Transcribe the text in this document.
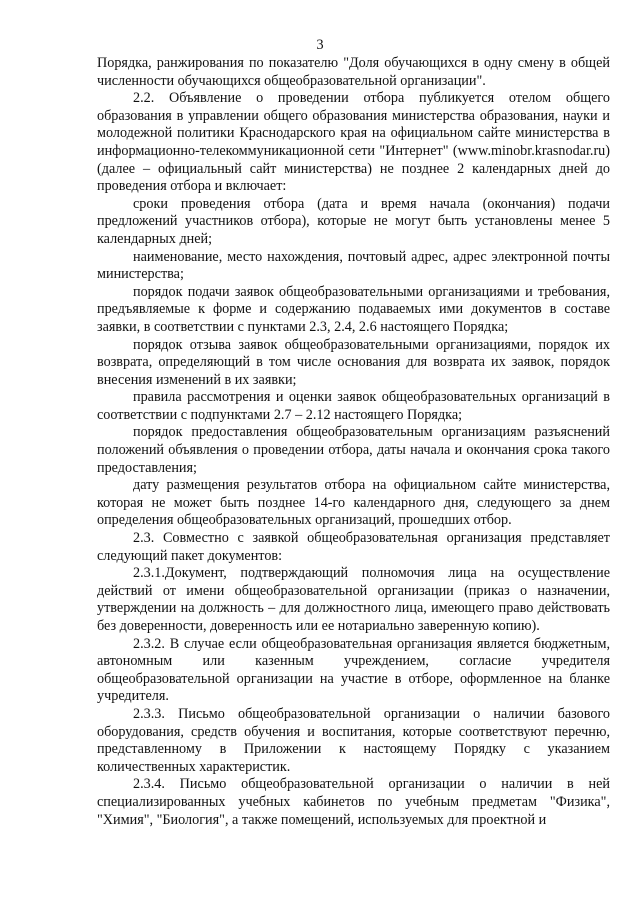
3

Порядка, ранжирования по показателю "Доля обучающихся в одну смену в общей численности обучающихся общеобразовательной организации".

2.2. Объявление о проведении отбора публикуется отелом общего образования в управлении общего образования министерства образования, науки и молодежной политики Краснодарского края на официальном сайте министерства в информационно-телекоммуникационной сети "Интернет" (www.minobr.krasnodar.ru) (далее – официальный сайт министерства) не позднее 2 календарных дней до проведения отбора и включает:

сроки проведения отбора (дата и время начала (окончания) подачи предложений участников отбора), которые не могут быть установлены менее 5 календарных дней;

наименование, место нахождения, почтовый адрес, адрес электронной почты министерства;

порядок подачи заявок общеобразовательными организациями и требования, предъявляемые к форме и содержанию подаваемых ими документов в составе заявки, в соответствии с пунктами 2.3, 2.4, 2.6 настоящего Порядка;

порядок отзыва заявок общеобразовательными организациями, порядок их возврата, определяющий в том числе основания для возврата их заявок, порядок внесения изменений в их заявки;

правила рассмотрения и оценки заявок общеобразовательных организаций в соответствии с подпунктами 2.7 – 2.12 настоящего Порядка;

порядок предоставления общеобразовательным организациям разъяснений положений объявления о проведении отбора, даты начала и окончания срока такого предоставления;

дату размещения результатов отбора на официальном сайте министерства, которая не может быть позднее 14-го календарного дня, следующего за днем определения общеобразовательных организаций, прошедших отбор.

2.3. Совместно с заявкой общеобразовательная организация представляет следующий пакет документов:

2.3.1.Документ, подтверждающий полномочия лица на осуществление действий от имени общеобразовательной организации (приказ о назначении, утверждении на должность – для должностного лица, имеющего право действовать без доверенности, доверенность или ее нотариально заверенную копию).

2.3.2. В случае если общеобразовательная организация является бюджетным, автономным или казенным учреждением, согласие учредителя общеобразовательной организации на участие в отборе, оформленное на бланке учредителя.

2.3.3. Письмо общеобразовательной организации о наличии базового оборудования, средств обучения и воспитания, которые соответствуют перечню, представленному в Приложении к настоящему Порядку с указанием количественных характеристик.

2.3.4. Письмо общеобразовательной организации о наличии в ней специализированных учебных кабинетов по учебным предметам "Физика", "Химия", "Биология", а также помещений, используемых для проектной и
